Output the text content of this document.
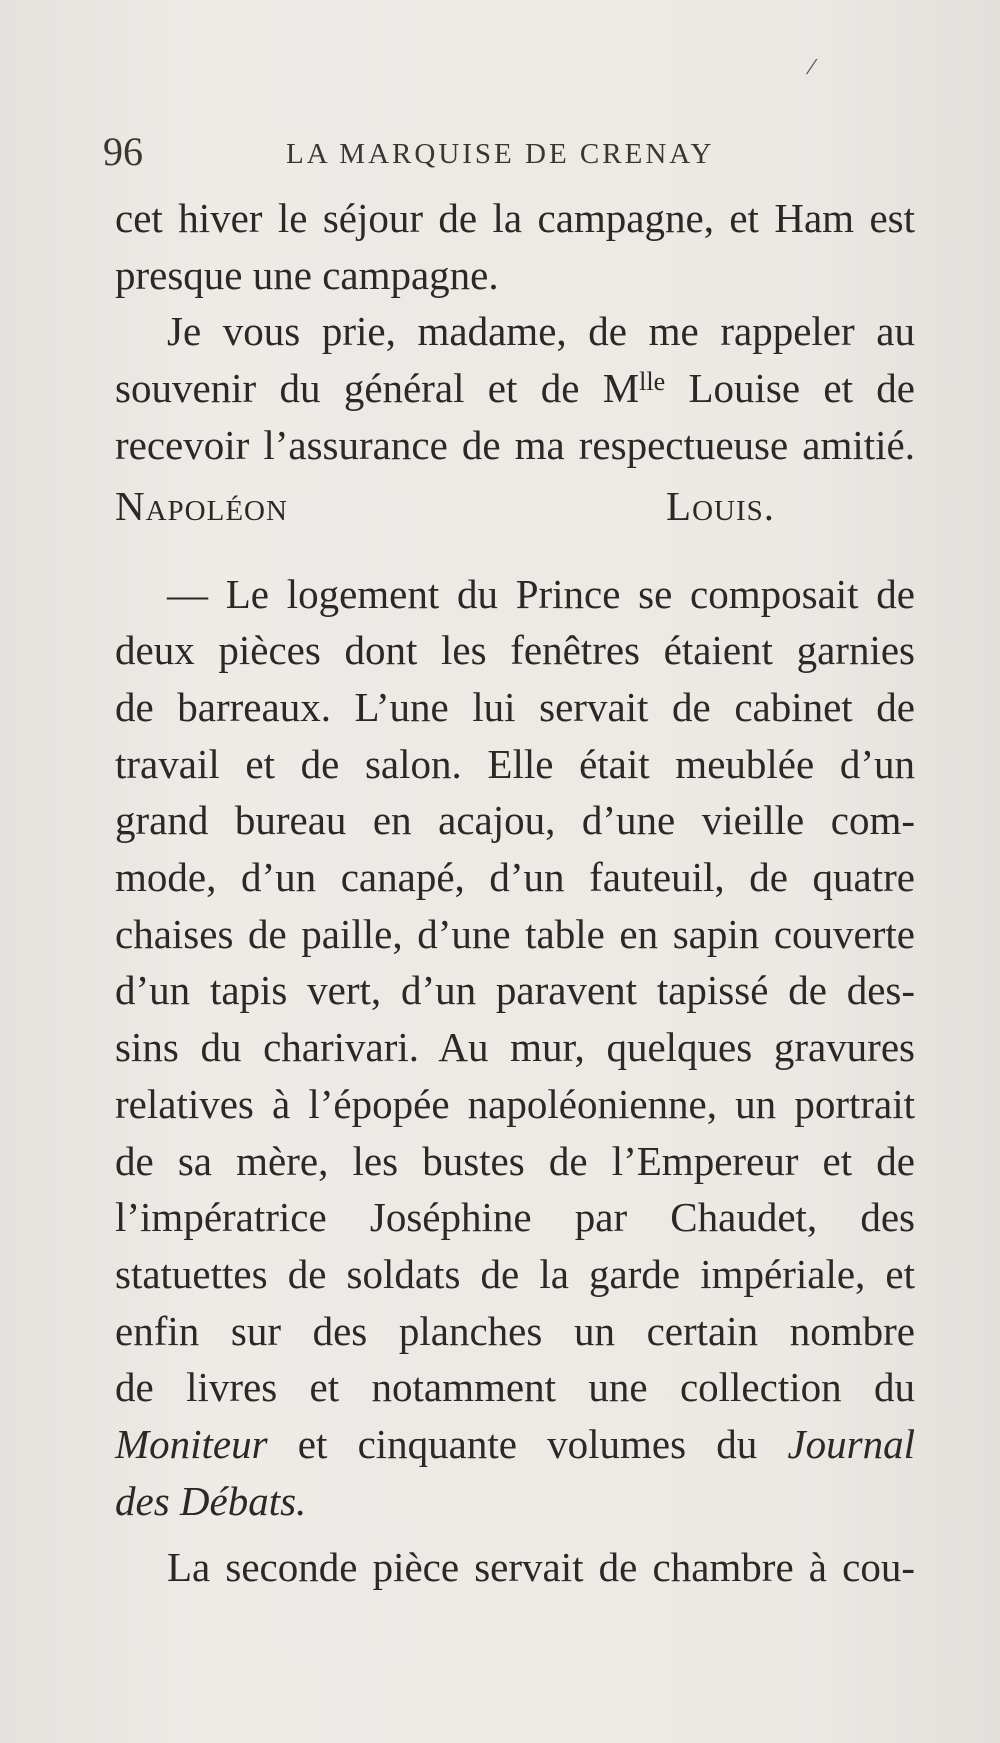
96	LA MARQUISE DE CRENAY
/

cet hiver le séjour de la campagne, et Ham est

presque une campagne.

Je vous prie, madame, de me rappeler au

souvenir du général et de $M^{lle}$ Louise et de

recevoir l’assurance de ma respectueuse amitié.

Napoléon Louis.

— Le logement du Prince se composait de

deux pièces dont les fenêtres étaient garnies

de barreaux. L’une lui servait de cabinet de

travail et de salon. Elle était meublée d’un

grand bureau en acajou, d’une vieille com-

mode, d’un canapé, d’un fauteuil, de quatre

chaises de paille, d’une table en sapin couverte

d’un tapis vert, d’un paravent tapissé de des-

sins du charivari. Au mur, quelques gravures

relatives à l’épopée napoléonienne, un portrait

de sa mère, les bustes de l’Empereur et de

l’impératrice Joséphine par Chaudet, des

statuettes de soldats de la garde impériale, et

enfin sur des planches un certain nombre

de livres et notamment une collection du

Moniteur et cinquante volumes du Journal

des Débats.

La seconde pièce servait de chambre à cou-
